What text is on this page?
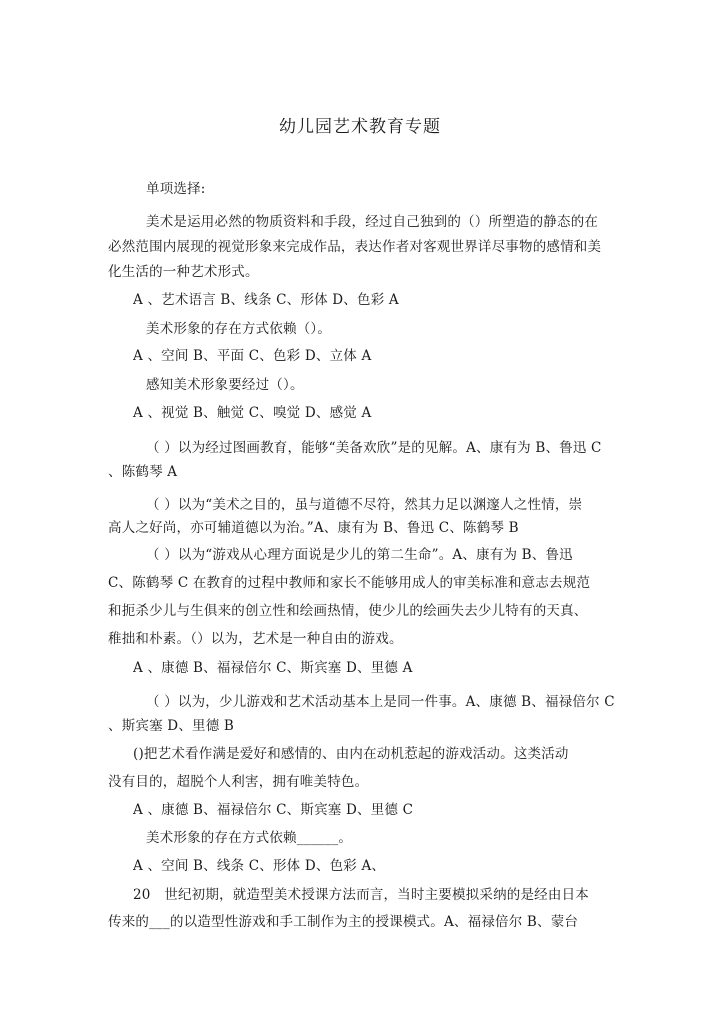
幼儿园艺术教育专题
单项选择:
美术是运用必然的物质资料和手段，经过自己独到的（）所塑造的静态的在
必然范围内展现的视觉形象来完成作品，表达作者对客观世界详尽事物的感情和美
化生活的一种艺术形式。
A 、艺术语言 B、线条 C、形体 D、色彩 A
美术形象的存在方式依赖（）。
A 、空间 B、平面 C、色彩 D、立体 A
感知美术形象要经过（）。
A 、视觉 B、触觉 C、嗅觉 D、感觉 A
（ ）以为经过图画教育，能够“美备欢欣”是的见解。A、康有为 B、鲁迅 C
、陈鹤琴 A
（ ）以为“美术之目的，虽与道德不尽符，然其力足以渊邃人之性情，崇
高人之好尚，亦可辅道德以为治。”A、康有为 B、鲁迅 C、陈鹤琴 B
（ ）以为“游戏从心理方面说是少儿的第二生命”。A、康有为 B、鲁迅
C、陈鹤琴 C 在教育的过程中教师和家长不能够用成人的审美标准和意志去规范
和扼杀少儿与生俱来的创立性和绘画热情，使少儿的绘画失去少儿特有的天真、
稚拙和朴素。（）以为，艺术是一种自由的游戏。
A 、康德 B、福禄倍尔 C、斯宾塞 D、里德 A
（ ）以为，少儿游戏和艺术活动基本上是同一件事。A、康德 B、福禄倍尔 C
、斯宾塞 D、里德 B
()把艺术看作满是爱好和感情的、由内在动机惹起的游戏活动。这类活动
没有目的，超脱个人利害，拥有唯美特色。
A 、康德 B、福禄倍尔 C、斯宾塞 D、里德 C
美术形象的存在方式依赖______。
A 、空间 B、线条 C、形体 D、色彩 A、
20　世纪初期，就造型美术授课方法而言，当时主要模拟采纳的是经由日本
传来的___的以造型性游戏和手工制作为主的授课模式。A、福禄倍尔 B、蒙台
